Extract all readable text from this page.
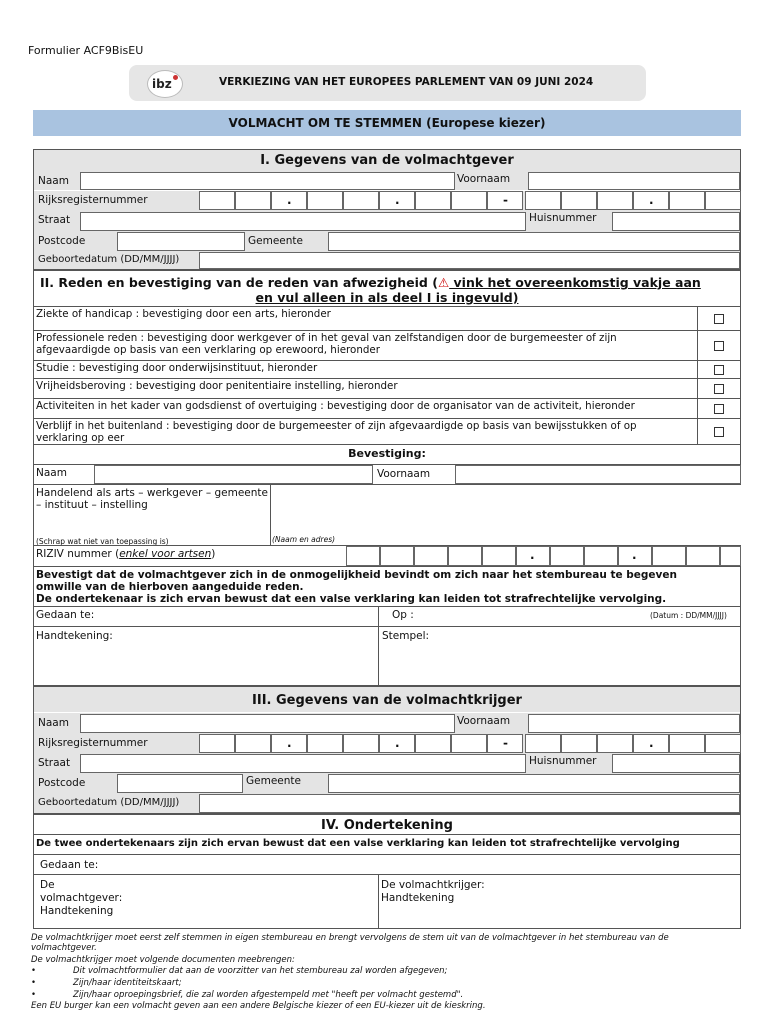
Formulier ACF9BisEU
ibz	VERKIEZING VAN HET EUROPEES PARLEMENT VAN 09 JUNI 2024
VOLMACHT OM TE STEMMEN (Europese kiezer)
I. Gegevens van de volmachtgever
Naam	Voornaam
Rijksregisternummer	.	.	-	.
Straat	Huisnummer
Postcode	Gemeente
Geboortedatum (DD/MM/JJJJ)
II. Reden en bevestiging van de reden van afwezigheid (⚠ vink het overeenkomstig vakje aan
en vul alleen in als deel I is ingevuld)
Ziekte of handicap : bevestiging door een arts, hieronder
Professionele reden : bevestiging door werkgever of in het geval van zelfstandigen door de burgemeester of zijn afgevaardigde op basis van een verklaring op erewoord, hieronder
Studie : bevestiging door onderwijsinstituut, hieronder
Vrijheidsberoving : bevestiging door penitentiaire instelling, hieronder
Activiteiten in het kader van godsdienst of overtuiging : bevestiging door de organisator van de activiteit, hieronder
Verblijf in het buitenland : bevestiging door de burgemeester of zijn afgevaardigde op basis van bewijsstukken of op verklaring op eer
Bevestiging:
Naam	Voornaam
Handelend als arts – werkgever – gemeente – instituut – instelling
(Schrap wat niet van toepassing is)	(Naam en adres)
RIZIV nummer (enkel voor artsen)	.	.
Bevestigt dat de volmachtgever zich in de onmogelijkheid bevindt om zich naar het stembureau te begeven
omwille van de hierboven aangeduide reden.
De ondertekenaar is zich ervan bewust dat een valse verklaring kan leiden tot strafrechtelijke vervolging.
Gedaan te:	Op :	(Datum : DD/MM/JJJJ)
Handtekening:	Stempel:
III. Gegevens van de volmachtkrijger
Naam	Voornaam
Rijksregisternummer	.	.	-	.
Straat	Huisnummer
Postcode	Gemeente
Geboortedatum (DD/MM/JJJJ)
IV. Ondertekening
De twee ondertekenaars zijn zich ervan bewust dat een valse verklaring kan leiden tot strafrechtelijke vervolging
Gedaan te:
De volmachtgever: Handtekening
De volmachtkrijger: Handtekening
De volmachtkrijger moet eerst zelf stemmen in eigen stembureau en brengt vervolgens de stem uit van de volmachtgever in het stembureau van de
volmachtgever.
De volmachtkrijger moet volgende documenten meebrengen:
•	Dit volmachtformulier dat aan de voorzitter van het stembureau zal worden afgegeven;
•	Zijn/haar identiteitskaart;
•	Zijn/haar oproepingsbrief, die zal worden afgestempeld met "heeft per volmacht gestemd".
Een EU burger kan een volmacht geven aan een andere Belgische kiezer of een EU-kiezer uit de kieskring.
